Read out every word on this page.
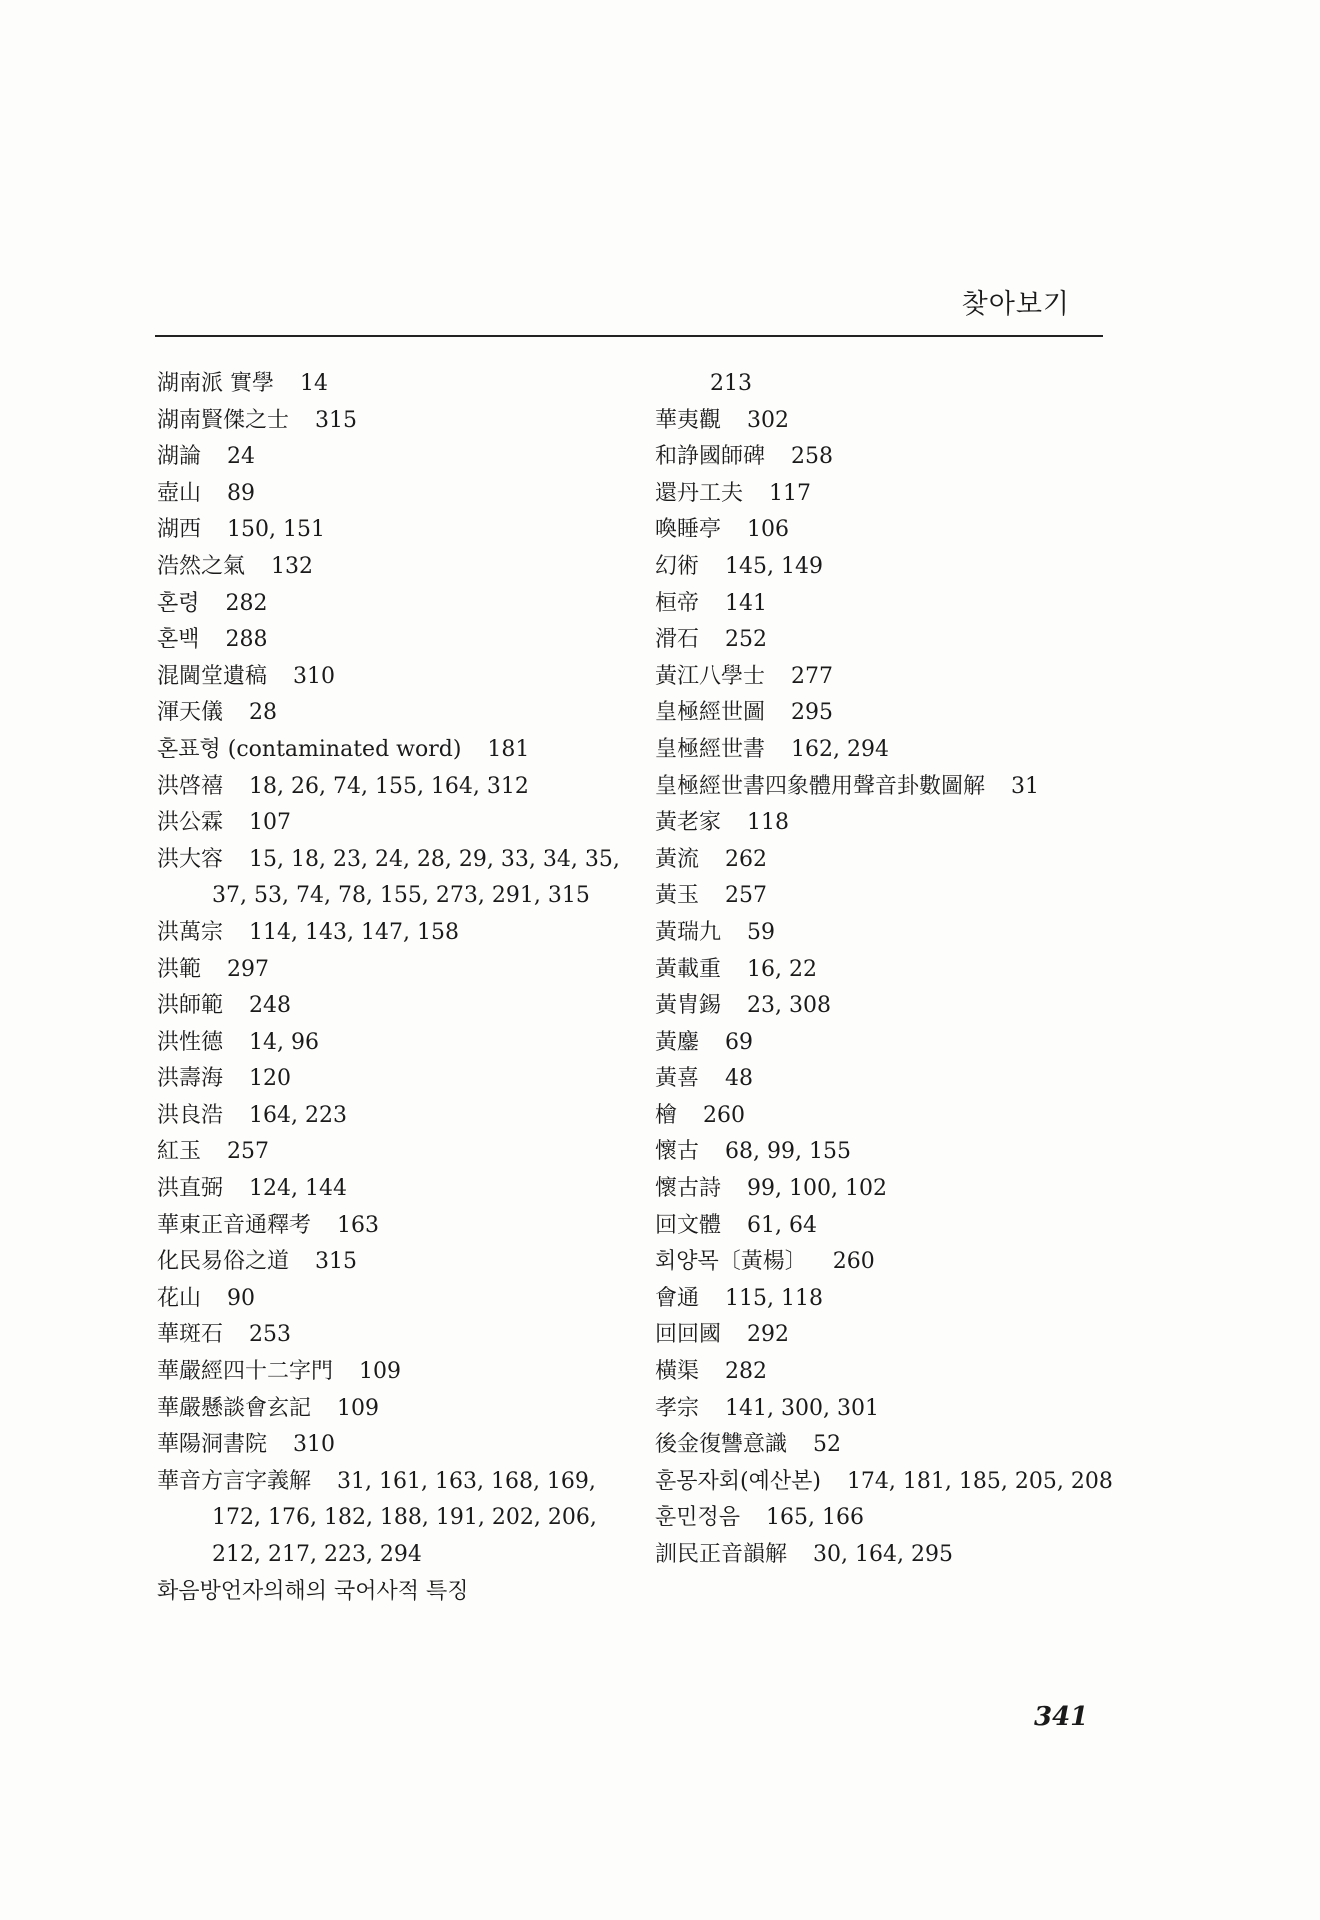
찾아보기
湖南派 實學 14
湖南賢傑之士 315
湖論 24
壺山 89
湖西 150, 151
浩然之氣 132
혼령 282
혼백 288
混閫堂遺稿 310
渾天儀 28
혼표형 (contaminated word) 181
洪啓禧 18, 26, 74, 155, 164, 312
洪公霖 107
洪大容 15, 18, 23, 24, 28, 29, 33, 34, 35, 37, 53, 74, 78, 155, 273, 291, 315
洪萬宗 114, 143, 147, 158
洪範 297
洪師範 248
洪性德 14, 96
洪壽海 120
洪良浩 164, 223
紅玉 257
洪直弼 124, 144
華東正音通釋考 163
化民易俗之道 315
花山 90
華斑石 253
華嚴經四十二字門 109
華嚴懸談會玄記 109
華陽洞書院 310
華音方言字義解 31, 161, 163, 168, 169, 172, 176, 182, 188, 191, 202, 206, 212, 217, 223, 294
화음방언자의해의 국어사적 특징
213
華夷觀 302
和諍國師碑 258
還丹工夫 117
喚睡亭 106
幻術 145, 149
桓帝 141
滑石 252
黃江八學士 277
皇極經世圖 295
皇極經世書 162, 294
皇極經世書四象體用聲音卦數圖解 31
黃老家 118
黃流 262
黃玉 257
黃瑞九 59
黃載重 16, 22
黃胄錫 23, 308
黃鏖 69
黃喜 48
檜 260
懷古 68, 99, 155
懷古詩 99, 100, 102
回文體 61, 64
회양목〔黃楊〕 260
會通 115, 118
回回國 292
橫渠 282
孝宗 141, 300, 301
後金復讐意識 52
훈몽자회(예산본) 174, 181, 185, 205, 208
훈민정음 165, 166
訓民正音韻解 30, 164, 295
341
